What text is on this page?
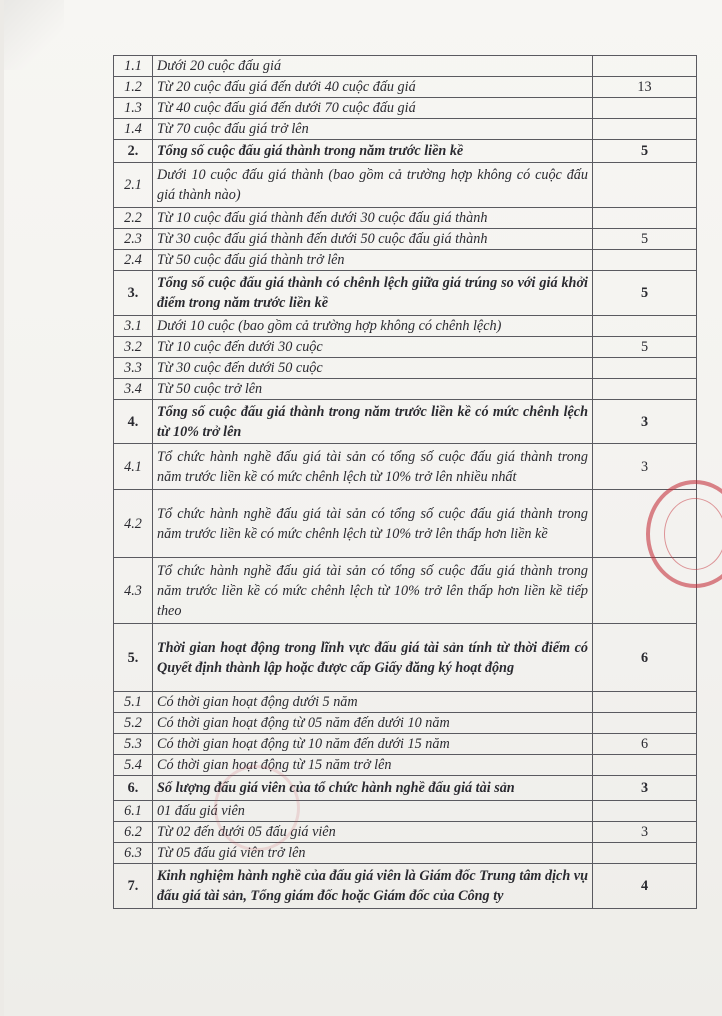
1.1	Dưới 20 cuộc đấu giá	
1.2	Từ 20 cuộc đấu giá đến dưới 40 cuộc đấu giá	13
1.3	Từ 40 cuộc đấu giá đến dưới 70 cuộc đấu giá	
1.4	Từ 70 cuộc đấu giá trở lên	
2.	Tổng số cuộc đấu giá thành trong năm trước liền kề	5
2.1	Dưới 10 cuộc đấu giá thành (bao gồm cả trường hợp không có cuộc đấu giá thành nào)	
2.2	Từ 10 cuộc đấu giá thành đến dưới 30 cuộc đấu giá thành	
2.3	Từ 30 cuộc đấu giá thành đến dưới 50 cuộc đấu giá thành	5
2.4	Từ 50 cuộc đấu giá thành trở lên	
3.	Tổng số cuộc đấu giá thành có chênh lệch giữa giá trúng so với giá khởi điểm trong năm trước liền kề	5
3.1	Dưới 10 cuộc (bao gồm cả trường hợp không có chênh lệch)	
3.2	Từ 10 cuộc đến dưới 30 cuộc	5
3.3	Từ 30 cuộc đến dưới 50 cuộc	
3.4	Từ 50 cuộc trở lên	
4.	Tổng số cuộc đấu giá thành trong năm trước liền kề có mức chênh lệch từ 10% trở lên	3
4.1	Tổ chức hành nghề đấu giá tài sản có tổng số cuộc đấu giá thành trong năm trước liền kề có mức chênh lệch từ 10% trở lên nhiều nhất	3
4.2	Tổ chức hành nghề đấu giá tài sản có tổng số cuộc đấu giá thành trong năm trước liền kề có mức chênh lệch từ 10% trở lên thấp hơn liền kề	
4.3	Tổ chức hành nghề đấu giá tài sản có tổng số cuộc đấu giá thành trong năm trước liền kề có mức chênh lệch từ 10% trở lên thấp hơn liền kề tiếp theo	
5.	Thời gian hoạt động trong lĩnh vực đấu giá tài sản tính từ thời điểm có Quyết định thành lập hoặc được cấp Giấy đăng ký hoạt động	6
5.1	Có thời gian hoạt động dưới 5 năm	
5.2	Có thời gian hoạt động từ 05 năm đến dưới 10 năm	
5.3	Có thời gian hoạt động từ 10 năm đến dưới 15 năm	6
5.4	Có thời gian hoạt động từ 15 năm trở lên	
6.	Số lượng đấu giá viên của tổ chức hành nghề đấu giá tài sản	3
6.1	01 đấu giá viên	
6.2	Từ 02 đến dưới 05 đấu giá viên	3
6.3	Từ 05 đấu giá viên trở lên	
7.	Kinh nghiệm hành nghề của đấu giá viên là Giám đốc Trung tâm dịch vụ đấu giá tài sản, Tổng giám đốc hoặc Giám đốc của Công ty	4
